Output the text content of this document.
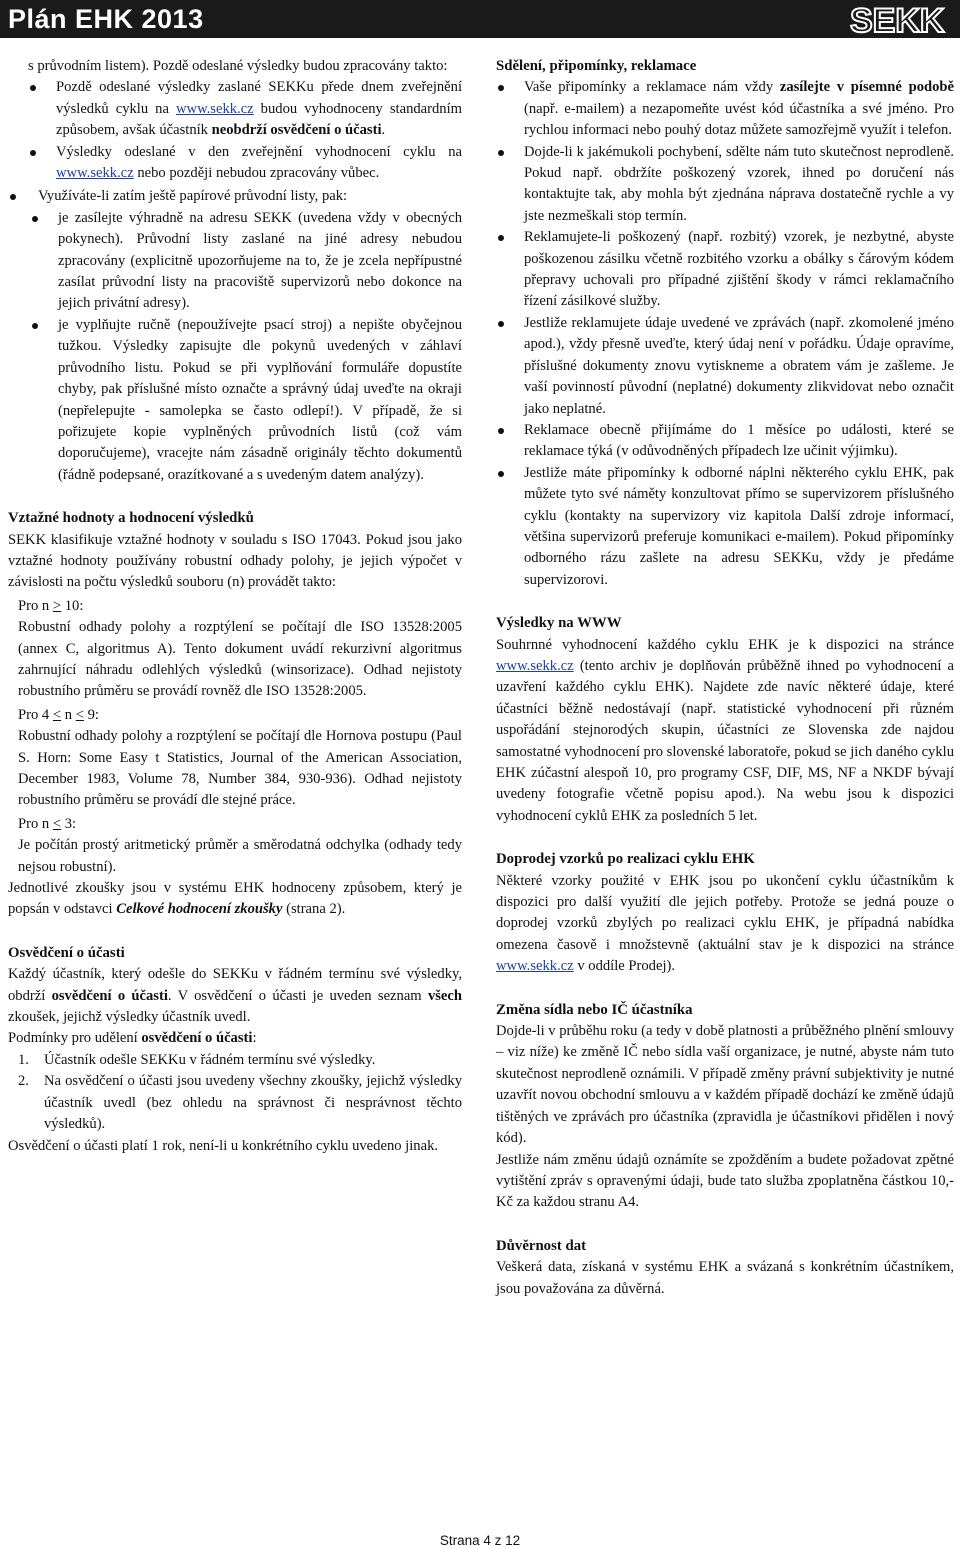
Plán EHK 2013	SEKK

s průvodním listem). Pozdě odeslané výsledky budou zpracovány takto:

Pozdě odeslané výsledky zaslané SEKKu přede dnem zveřejnění výsledků cyklu na www.sekk.cz budou vyhodnoceny standardním způsobem, avšak účastník neobdrží osvědčení o účasti.
Výsledky odeslané v den zveřejnění vyhodnocení cyklu na www.sekk.cz nebo později nebudou zpracovány vůbec.
Využíváte-li zatím ještě papírové průvodní listy, pak:
je zasílejte výhradně na adresu SEKK (uvedena vždy v obecných pokynech). Průvodní listy zaslané na jiné adresy nebudou zpracovány (explicitně upozorňujeme na to, že je zcela nepřípustné zasílat průvodní listy na pracoviště supervizorů nebo dokonce na jejich privátní adresy).
je vyplňujte ručně (nepoužívejte psací stroj) a nepište obyčejnou tužkou. Výsledky zapisujte dle pokynů uvedených v záhlaví průvodního listu. Pokud se při vyplňování formuláře dopustíte chyby, pak příslušné místo označte a správný údaj uveďte na okraji (nepřelepujte - samolepka se často odlepí!). V případě, že si pořizujete kopie vyplněných průvodních listů (což vám doporučujeme), vracejte nám zásadně originály těchto dokumentů (řádně podepsané, orazítkované a s uvedeným datem analýzy).
Vztažné hodnoty a hodnocení výsledků

SEKK klasifikuje vztažné hodnoty v souladu s ISO 17043. Pokud jsou jako vztažné hodnoty používány robustní odhady polohy, je jejich výpočet v závislosti na počtu výsledků souboru (n) provádět takto:

Pro n > 10:

Robustní odhady polohy a rozptýlení se počítají dle ISO 13528:2005 (annex C, algoritmus A). Tento dokument uvádí rekurzivní algoritmus zahrnující náhradu odlehlých výsledků (winsorizace). Odhad nejistoty robustního průměru se provádí rovněž dle ISO 13528:2005.

Pro 4 < n < 9:

Robustní odhady polohy a rozptýlení se počítají dle Hornova postupu (Paul S. Horn: Some Easy t Statistics, Journal of the American Association, December 1983, Volume 78, Number 384, 930-936). Odhad nejistoty robustního průměru se provádí dle stejné práce.

Pro n < 3:

Je počítán prostý aritmetický průměr a směrodatná odchylka (odhady tedy nejsou robustní).

Jednotlivé zkoušky jsou v systému EHK hodnoceny způsobem, který je popsán v odstavci Celkové hodnocení zkoušky (strana 2).

Osvědčení o účasti

Každý účastník, který odešle do SEKKu v řádném termínu své výsledky, obdrží osvědčení o účasti. V osvědčení o účasti je uveden seznam všech zkoušek, jejichž výsledky účastník uvedl.

Podmínky pro udělení osvědčení o účasti:

1. Účastník odešle SEKKu v řádném termínu své výsledky.
2. Na osvědčení o účasti jsou uvedeny všechny zkoušky, jejichž výsledky účastník uvedl (bez ohledu na správnost či nesprávnost těchto výsledků).

Osvědčení o účasti platí 1 rok, není-li u konkrétního cyklu uvedeno jinak.

Sdělení, připomínky, reklamace
Vaše připomínky a reklamace nám vždy zasílejte v písemné podobě (např. e-mailem) a nezapomeňte uvést kód účastníka a své jméno. Pro rychlou informaci nebo pouhý dotaz můžete samozřejmě využít i telefon.
Dojde-li k jakémukoli pochybení, sdělte nám tuto skutečnost neprodleně. Pokud např. obdržíte poškozený vzorek, ihned po doručení nás kontaktujte tak, aby mohla být zjednána náprava dostatečně rychle a vy jste nezmeškali stop termín.
Reklamujete-li poškozený (např. rozbitý) vzorek, je nezbytné, abyste poškozenou zásilku včetně rozbitého vzorku a obálky s čárovým kódem přepravy uchovali pro případné zjištění škody v rámci reklamačního řízení zásilkové služby.
Jestliže reklamujete údaje uvedené ve zprávách (např. zkomolené jméno apod.), vždy přesně uveďte, který údaj není v pořádku. Údaje opravíme, příslušné dokumenty znovu vytiskneme a obratem vám je zašleme. Je vaší povinností původní (neplatné) dokumenty zlikvidovat nebo označit jako neplatné.
Reklamace obecně přijímáme do 1 měsíce po události, které se reklamace týká (v odůvodněných případech lze učinit výjimku).
Jestliže máte připomínky k odborné náplni některého cyklu EHK, pak můžete tyto své náměty konzultovat přímo se supervizorem příslušného cyklu (kontakty na supervizory viz kapitola Další zdroje informací, většina supervizorů preferuje komunikaci e-mailem). Pokud připomínky odborného rázu zašlete na adresu SEKKu, vždy je předáme supervizorovi.
Výsledky na WWW

Souhrnné vyhodnocení každého cyklu EHK je k dispozici na stránce www.sekk.cz (tento archiv je doplňován průběžně ihned po vyhodnocení a uzavření každého cyklu EHK). Najdete zde navíc některé údaje, které účastníci běžně nedostávají (např. statistické vyhodnocení při různém uspořádání stejnorodých skupin, účastníci ze Slovenska zde najdou samostatné vyhodnocení pro slovenské laboratoře, pokud se jich daného cyklu EHK zúčastní alespoň 10, pro programy CSF, DIF, MS, NF a NKDF bývají uvedeny fotografie včetně popisu apod.). Na webu jsou k dispozici vyhodnocení cyklů EHK za posledních 5 let.

Doprodej vzorků po realizaci cyklu EHK

Některé vzorky použité v EHK jsou po ukončení cyklu účastníkům k dispozici pro další využití dle jejich potřeby. Protože se jedná pouze o doprodej vzorků zbylých po realizaci cyklu EHK, je případná nabídka omezena časově i množstevně (aktuální stav je k dispozici na stránce www.sekk.cz v oddíle Prodej).

Změna sídla nebo IČ účastníka

Dojde-li v průběhu roku (a tedy v době platnosti a průběžného plnění smlouvy – viz níže) ke změně IČ nebo sídla vaší organizace, je nutné, abyste nám tuto skutečnost neprodleně oznámili. V případě změny právní subjektivity je nutné uzavřít novou obchodní smlouvu a v každém případě dochází ke změně údajů tištěných ve zprávách pro účastníka (zpravidla je účastníkovi přidělen i nový kód).

Jestliže nám změnu údajů oznámíte se zpožděním a budete požadovat zpětné vytištění zpráv s opravenými údaji, bude tato služba zpoplatněna částkou 10,- Kč za každou stranu A4.

Důvěrnost dat

Veškerá data, získaná v systému EHK a svázaná s konkrétním účastníkem, jsou považována za důvěrná.

Strana 4 z 12
